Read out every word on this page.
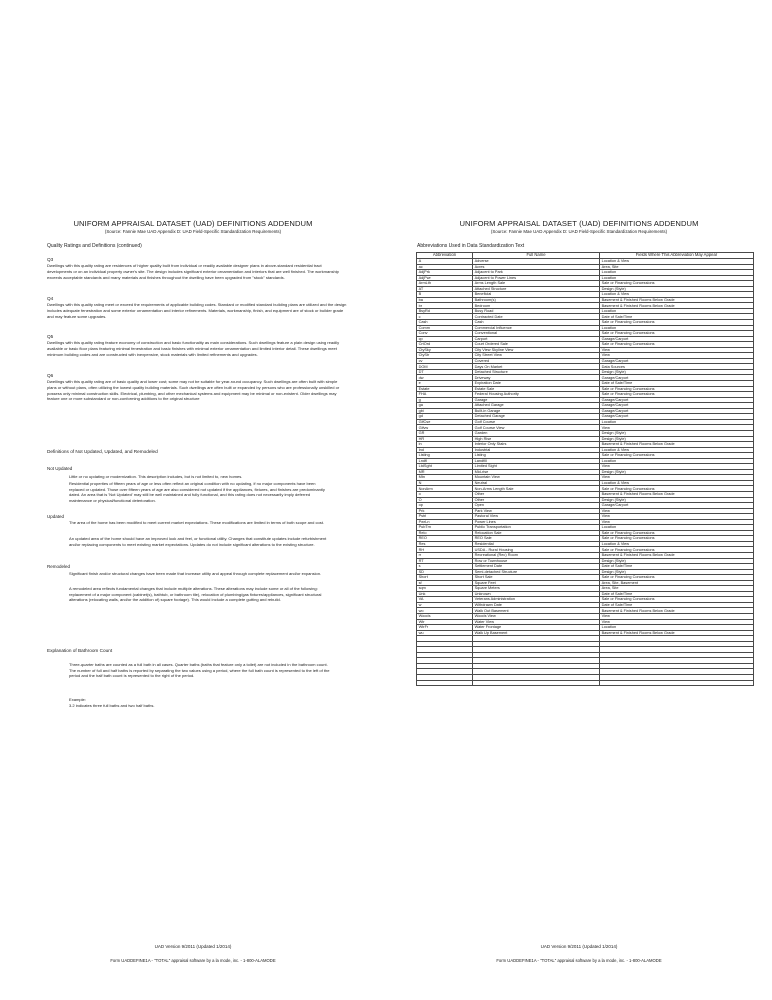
UNIFORM APPRAISAL DATASET (UAD) DEFINITIONS ADDENDUM
(Source: Fannie Mae UAD Appendix D: UAD Field-Specific Standardization Requirements)
Quality Ratings and Definitions (continued)
Q3

Dwellings with this quality rating are residences of higher quality built from individual or readily available designer plans in above-standard residential tract developments or on an individual property owner's site. The design includes significant exterior ornamentation and interiors that are well finished. The workmanship exceeds acceptable standards and many materials and finishes throughout the dwelling have been upgraded from "stock" standards.

Q4

Dwellings with this quality rating meet or exceed the requirements of applicable building codes. Standard or modified standard building plans are utilized and the design includes adequate fenestration and some exterior ornamentation and interior refinements. Materials, workmanship, finish, and equipment are of stock or builder grade and may feature some upgrades.

Q5

Dwellings with this quality rating feature economy of construction and basic functionality as main considerations. Such dwellings feature a plain design using readily available or basic floor plans featuring minimal fenestration and basic finishes with minimal exterior ornamentation and limited interior detail. These dwellings meet minimum building codes and are constructed with inexpensive, stock materials with limited refinements and upgrades.

Q6

Dwellings with this quality rating are of basic quality and lower cost; some may not be suitable for year-round occupancy. Such dwellings are often built with simple plans or without plans, often utilizing the lowest quality building materials. Such dwellings are often built or expanded by persons who are professionally unskilled or possess only minimal construction skills. Electrical, plumbing, and other mechanical systems and equipment may be minimal or non-existent. Older dwellings may feature one or more substandard or non-conforming additions to the original structure

Definitions of Not Updated, Updated, and Remodeled
Not Updated

Little or no updating or modernization. This description includes, but is not limited to, new homes.

Residential properties of fifteen years of age or less often reflect an original condition with no updating, if no major components have been replaced or updated. Those over fifteen years of age are also considered not updated if the appliances, fixtures, and finishes are predominantly dated. An area that is 'Not Updated' may still be well maintained and fully functional, and this rating does not necessarily imply deferred maintenance or physical/functional deterioration.

Updated

The area of the home has been modified to meet current market expectations. These modifications are limited in terms of both scope and cost.

An updated area of the home should have an improved look and feel, or functional utility. Changes that constitute updates include refurbishment and/or replacing components to meet existing market expectations. Updates do not include significant alterations to the existing structure.

Remodeled

Significant finish and/or structural changes have been made that increase utility and appeal through complete replacement and/or expansion.

A remodeled area reflects fundamental changes that include multiple alterations. These alterations may include some or all of the following: replacement of a major component (cabinet(s), bathtub, or bathroom tile), relocation of plumbing/gas fixtures/appliances, significant structural alterations (relocating walls, and/or the addition of) square footage). This would include a complete gutting and rebuild.

Explanation of Bathroom Count

Three-quarter baths are counted as a full bath in all cases. Quarter baths (baths that feature only a toilet) are not included in the bathroom count. The number of full and half baths is reported by separating the two values using a period, where the full bath count is represented to the left of the period and the half bath count is represented to the right of the period.

Example:

3.2 indicates three full baths and two half baths.

UAD Version 9/2011 (Updated 1/2014)
Form UADDEFINE1A - "TOTAL" appraisal software by a la mode, inc. - 1-800-ALAMODE
UNIFORM APPRAISAL DATASET (UAD) DEFINITIONS ADDENDUM
(Source: Fannie Mae UAD Appendix D: UAD Field-Specific Standardization Requirements)
Abbreviations Used in Data Standardization Text
Abbreviation	Full Name	Fields Where This Abbreviation May Appear
A	Adverse	Location & View
ac	Acres	Area, Site
AdjPrk	Adjacent to Park	Location
AdjPwr	Adjacent to Power Lines	Location
ArmLth	Arms Length Sale	Sale or Financing Concessions
AT	Attached Structure	Design (Style)
B	Beneficial	Location & View
ba	Bathroom(s)	Basement & Finished Rooms Below Grade
br	Bedroom	Basement & Finished Rooms Below Grade
BsyRd	Busy Road	Location
c	Contracted Date	Date of Sale/Time
Cash	Cash	Sale or Financing Concessions
Comm	Commercial Influence	Location
Conv	Conventional	Sale or Financing Concessions
cp	Carport	Garage/Carport
CrtOrd	Court Ordered Sale	Sale or Financing Concessions
CtySky	City View Skyline View	View
CtyStr	City Street View	View
cv	Covered	Garage/Carport
DOM	Days On Market	Data Sources
DT	Detached Structure	Design (Style)
dw	Driveway	Garage/Carport
e	Expiration Date	Date of Sale/Time
Estate	Estate Sale	Sale or Financing Concessions
FHA	Federal Housing Authority	Sale or Financing Concessions
g	Garage	Garage/Carport
ga	Attached Garage	Garage/Carport
gbi	Built-in Garage	Garage/Carport
gd	Detached Garage	Garage/Carport
GlfCse	Golf Course	Location
Glfvw	Golf Course View	View
GR	Garden	Design (Style)
HR	High Rise	Design (Style)
in	Interior Only Stairs	Basement & Finished Rooms Below Grade
Ind	Industrial	Location & View
Listing	Listing	Sale or Financing Concessions
Lndfl	Landfill	Location
LtdSght	Limited Sight	View
MR	Mid-rise	Design (Style)
Mtn	Mountain View	View
N	Neutral	Location & View
NonArm	Non-Arms Length Sale	Sale or Financing Concessions
o	Other	Basement & Finished Rooms Below Grade
O	Other	Design (Style)
op	Open	Garage/Carport
Prk	Park View	View
Pstrl	Pastoral View	View
PwrLn	Power Lines	View
PubTrn	Public Transportation	Location
Relo	Relocation Sale	Sale or Financing Concessions
REO	REO Sale	Sale or Financing Concessions
Res	Residential	Location & View
RH	USDA - Rural Housing	Sale or Financing Concessions
rr	Recreational (Rec) Room	Basement & Finished Rooms Below Grade
RT	Row or Townhouse	Design (Style)
s	Settlement Date	Date of Sale/Time
SD	Semi-detached Structure	Design (Style)
Short	Short Sale	Sale or Financing Concessions
sf	Square Feet	Area, Site, Basement
sqm	Square Meters	Area, Site
Unk	Unknown	Date of Sale/Time
VA	Veterans Administration	Sale or Financing Concessions
w	Withdrawn Date	Date of Sale/Time
wo	Walk Out Basement	Basement & Finished Rooms Below Grade
Woods	Woods View	View
Wtr	Water View	View
WtrFr	Water Frontage	Location
wu	Walk Up Basement	Basement & Finished Rooms Below Grade

UAD Version 9/2011 (Updated 1/2014)
Form UADDEFINE1A - "TOTAL" appraisal software by a la mode, inc. - 1-800-ALAMODE
